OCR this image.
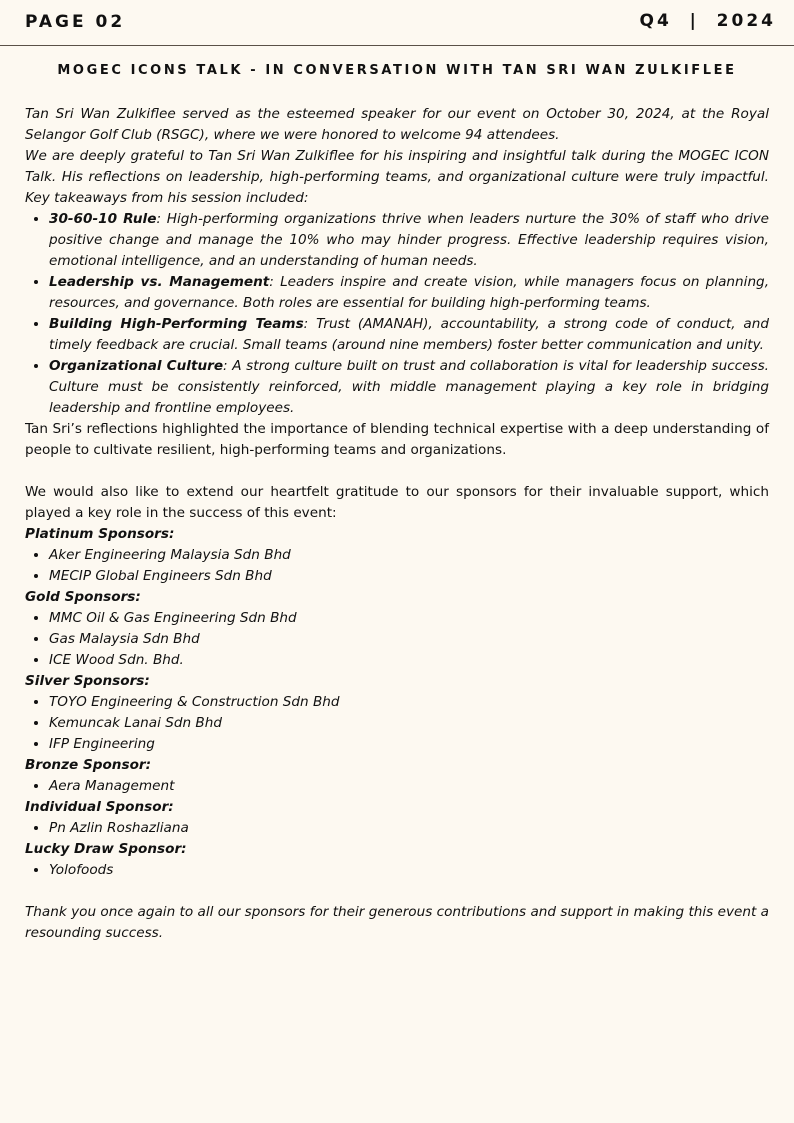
PAGE 02	Q4  |  2024
MOGEC ICONS TALK - IN CONVERSATION WITH TAN SRI WAN ZULKIFLEE

Tan Sri Wan Zulkiflee served as the esteemed speaker for our event on October 30, 2024, at the Royal Selangor Golf Club (RSGC), where we were honored to welcome 94 attendees.

We are deeply grateful to Tan Sri Wan Zulkiflee for his inspiring and insightful talk during the MOGEC ICON Talk. His reflections on leadership, high-performing teams, and organizational culture were truly impactful. Key takeaways from his session included:

• 30-60-10 Rule: High-performing organizations thrive when leaders nurture the 30% of staff who drive positive change and manage the 10% who may hinder progress. Effective leadership requires vision, emotional intelligence, and an understanding of human needs.
• Leadership vs. Management: Leaders inspire and create vision, while managers focus on planning, resources, and governance. Both roles are essential for building high-performing teams.
• Building High-Performing Teams: Trust (AMANAH), accountability, a strong code of conduct, and timely feedback are crucial. Small teams (around nine members) foster better communication and unity.
• Organizational Culture: A strong culture built on trust and collaboration is vital for leadership success. Culture must be consistently reinforced, with middle management playing a key role in bridging leadership and frontline employees.

Tan Sri’s reflections highlighted the importance of blending technical expertise with a deep understanding of people to cultivate resilient, high-performing teams and organizations.

We would also like to extend our heartfelt gratitude to our sponsors for their invaluable support, which played a key role in the success of this event:

Platinum Sponsors:

• Aker Engineering Malaysia Sdn Bhd
• MECIP Global Engineers Sdn Bhd

Gold Sponsors:

• MMC Oil & Gas Engineering Sdn Bhd
• Gas Malaysia Sdn Bhd
• ICE Wood Sdn. Bhd.

Silver Sponsors:

• TOYO Engineering & Construction Sdn Bhd
• Kemuncak Lanai Sdn Bhd
• IFP Engineering

Bronze Sponsor:

• Aera Management

Individual Sponsor:

• Pn Azlin Roshazliana

Lucky Draw Sponsor:

• Yolofoods

Thank you once again to all our sponsors for their generous contributions and support in making this event a resounding success.
